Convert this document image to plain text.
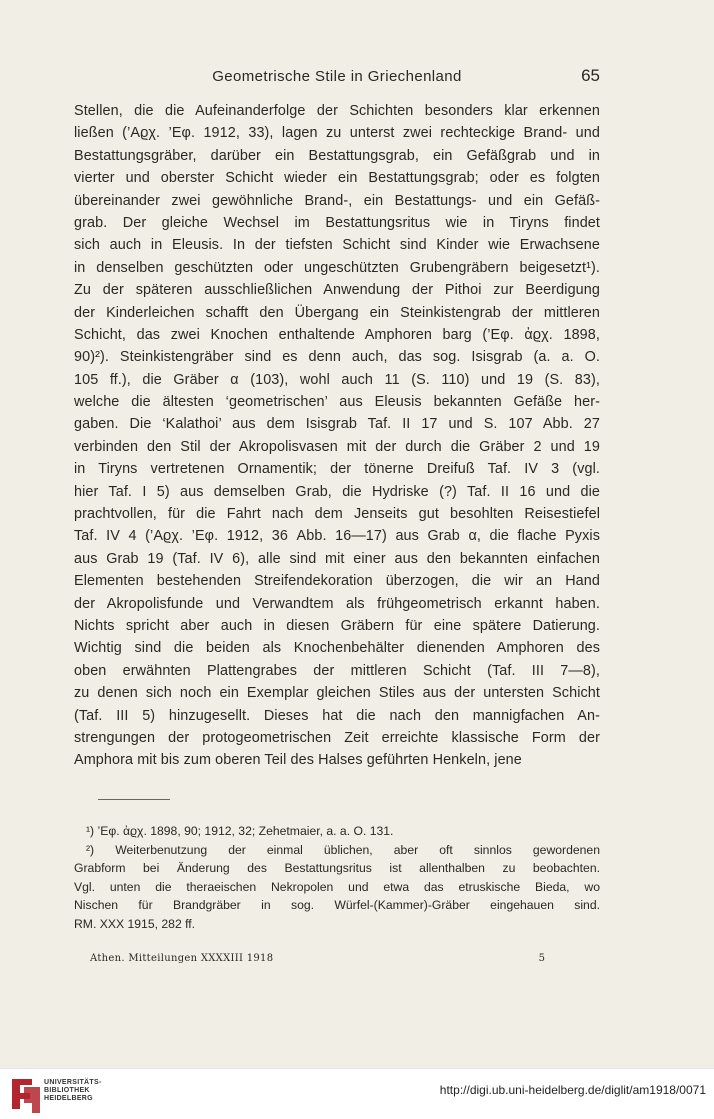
Geometrische Stile in Griechenland	65
Stellen, die die Aufeinanderfolge der Schichten besonders klar erkennen
ließen (’Αϱχ. ’Εφ. 1912, 33), lagen zu unterst zwei rechteckige Brand- und
Bestattungsgräber, darüber ein Bestattungsgrab, ein Gefäßgrab und in
vierter und oberster Schicht wieder ein Bestattungsgrab; oder es folgten
übereinander zwei gewöhnliche Brand-, ein Bestattungs- und ein Gefäß-
grab. Der gleiche Wechsel im Bestattungsritus wie in Tiryns findet
sich auch in Eleusis. In der tiefsten Schicht sind Kinder wie Erwachsene
in denselben geschützten oder ungeschützten Grubengräbern beigesetzt¹).
Zu der späteren ausschließlichen Anwendung der Pithoi zur Beerdigung
der Kinderleichen schafft den Übergang ein Steinkistengrab der mittleren
Schicht, das zwei Knochen enthaltende Amphoren barg (’Εφ. ἀϱχ. 1898,
90)²). Steinkistengräber sind es denn auch, das sog. Isisgrab (a. a. O.
105 ff.), die Gräber α (103), wohl auch 11 (S. 110) und 19 (S. 83),
welche die ältesten ‘geometrischen’ aus Eleusis bekannten Gefäße her-
gaben. Die ‘Kalathoi’ aus dem Isisgrab Taf. II 17 und S. 107 Abb. 27
verbinden den Stil der Akropolisvasen mit der durch die Gräber 2 und 19
in Tiryns vertretenen Ornamentik; der tönerne Dreifuß Taf. IV 3 (vgl.
hier Taf. I 5) aus demselben Grab, die Hydriske (?) Taf. II 16 und die
prachtvollen, für die Fahrt nach dem Jenseits gut besohlten Reisestiefel
Taf. IV 4 (’Αϱχ. ’Εφ. 1912, 36 Abb. 16—17) aus Grab α, die flache Pyxis
aus Grab 19 (Taf. IV 6), alle sind mit einer aus den bekannten einfachen
Elementen bestehenden Streifendekoration überzogen, die wir an Hand
der Akropolisfunde und Verwandtem als frühgeometrisch erkannt haben.
Nichts spricht aber auch in diesen Gräbern für eine spätere Datierung.
Wichtig sind die beiden als Knochenbehälter dienenden Amphoren des
oben erwähnten Plattengrabes der mittleren Schicht (Taf. III 7—8),
zu denen sich noch ein Exemplar gleichen Stiles aus der untersten Schicht
(Taf. III 5) hinzugesellt. Dieses hat die nach den mannigfachen An-
strengungen der protogeometrischen Zeit erreichte klassische Form der
Amphora mit bis zum oberen Teil des Halses geführten Henkeln, jene
¹) ’Εφ. ἀϱχ. 1898, 90; 1912, 32; Zehetmaier, a. a. O. 131.
²) Weiterbenutzung der einmal üblichen, aber oft sinnlos gewordenen
Grabform bei Änderung des Bestattungsritus ist allenthalben zu beobachten.
Vgl. unten die theraeischen Nekropolen und etwa das etruskische Bieda, wo
Nischen für Brandgräber in sog. Würfel-(Kammer)-Gräber eingehauen sind.
RM. XXX 1915, 282 ff.
Athen. Mitteilungen XXXXIII 1918	5
UNIVERSITÄTS-
BIBLIOTHEK
HEIDELBERG
http://digi.ub.uni-heidelberg.de/diglit/am1918/0071
